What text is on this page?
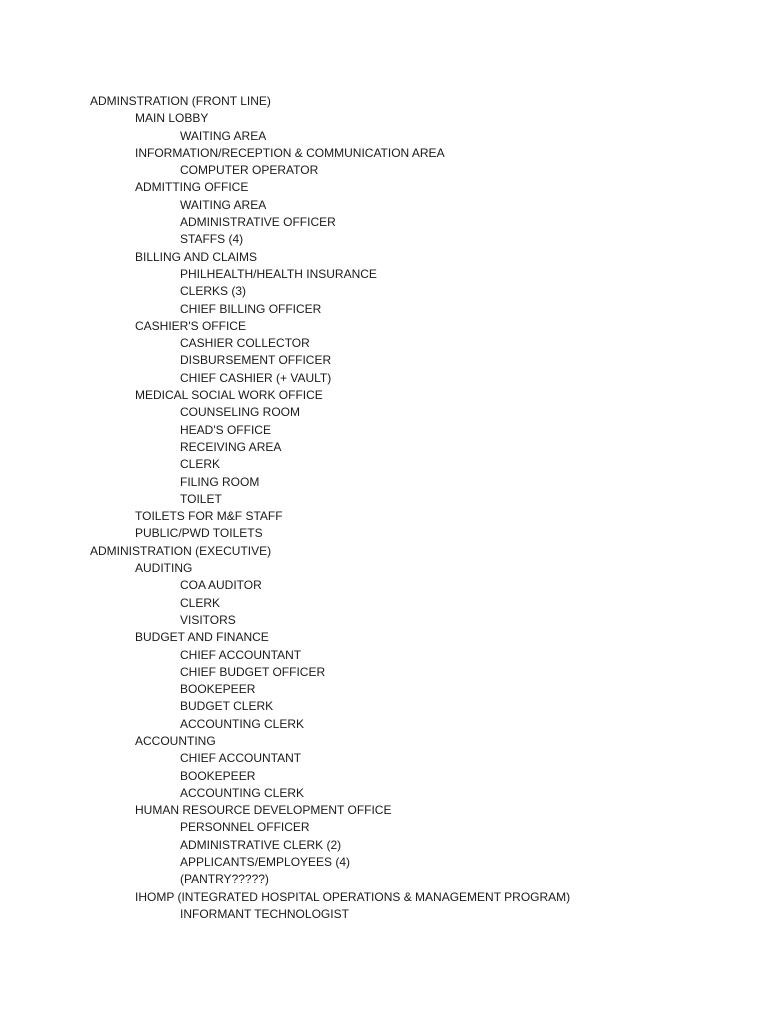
ADMINSTRATION (FRONT LINE)
MAIN LOBBY
WAITING AREA
INFORMATION/RECEPTION & COMMUNICATION AREA
COMPUTER OPERATOR
ADMITTING OFFICE
WAITING AREA
ADMINISTRATIVE OFFICER
STAFFS (4)
BILLING AND CLAIMS
PHILHEALTH/HEALTH INSURANCE
CLERKS (3)
CHIEF BILLING OFFICER
CASHIER'S OFFICE
CASHIER COLLECTOR
DISBURSEMENT OFFICER
CHIEF CASHIER (+ VAULT)
MEDICAL SOCIAL WORK OFFICE
COUNSELING ROOM
HEAD'S OFFICE
RECEIVING AREA
CLERK
FILING ROOM
TOILET
TOILETS FOR M&F STAFF
PUBLIC/PWD TOILETS
ADMINISTRATION (EXECUTIVE)
AUDITING
COA AUDITOR
CLERK
VISITORS
BUDGET AND FINANCE
CHIEF ACCOUNTANT
CHIEF BUDGET OFFICER
BOOKEPEER
BUDGET CLERK
ACCOUNTING CLERK
ACCOUNTING
CHIEF ACCOUNTANT
BOOKEPEER
ACCOUNTING CLERK
HUMAN RESOURCE DEVELOPMENT OFFICE
PERSONNEL OFFICER
ADMINISTRATIVE CLERK (2)
APPLICANTS/EMPLOYEES (4)
(PANTRY?????)
IHOMP (INTEGRATED HOSPITAL OPERATIONS & MANAGEMENT PROGRAM)
INFORMANT TECHNOLOGIST
